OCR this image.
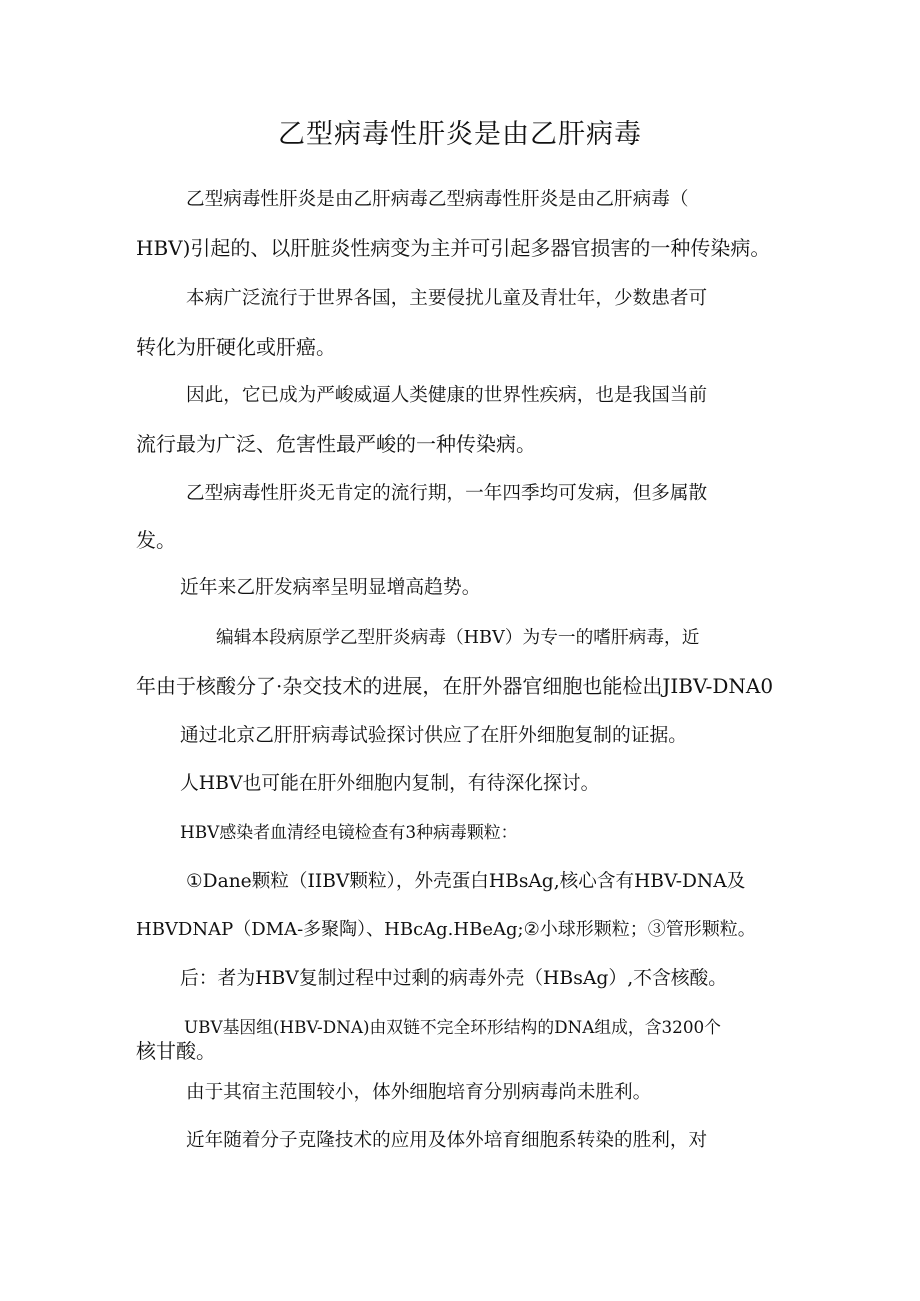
乙型病毒性肝炎是由乙肝病毒
乙型病毒性肝炎是由乙肝病毒乙型病毒性肝炎是由乙肝病毒（
HBV)引起的、以肝脏炎性病变为主并可引起多器官损害的一种传染病。
本病广泛流行于世界各国，主要侵扰儿童及青壮年，少数患者可
转化为肝硬化或肝癌。
因此，它已成为严峻威逼人类健康的世界性疾病，也是我国当前
流行最为广泛、危害性最严峻的一种传染病。
乙型病毒性肝炎无肯定的流行期，一年四季均可发病，但多属散
发。
近年来乙肝发病率呈明显增高趋势。
编辑本段病原学乙型肝炎病毒（HBV）为专一的嗜肝病毒，近
年由于核酸分了·杂交技术的进展，在肝外器官细胞也能检出JIBV-DNA0
通过北京乙肝肝病毒试验探讨供应了在肝外细胞复制的证据。
人HBV也可能在肝外细胞内复制，有待深化探讨。
HBV感染者血清经电镜检查有3种病毒颗粒：
①Dane颗粒（IIBV颗粒），外壳蛋白HBsAg,核心含有HBV-DNA及
HBVDNAP（DMA-多聚陶）、HBcAg.HBeAg;②小球形颗粒；③管形颗粒。
后：者为HBV复制过程中过剩的病毒外壳（HBsAg）,不含核酸。
UBV基因组(HBV-DNA)由双链不完全环形结构的DNA组成，含3200个
核甘酸。
由于其宿主范围较小，体外细胞培育分别病毒尚未胜利。
近年随着分子克隆技术的应用及体外培育细胞系转染的胜利，对
